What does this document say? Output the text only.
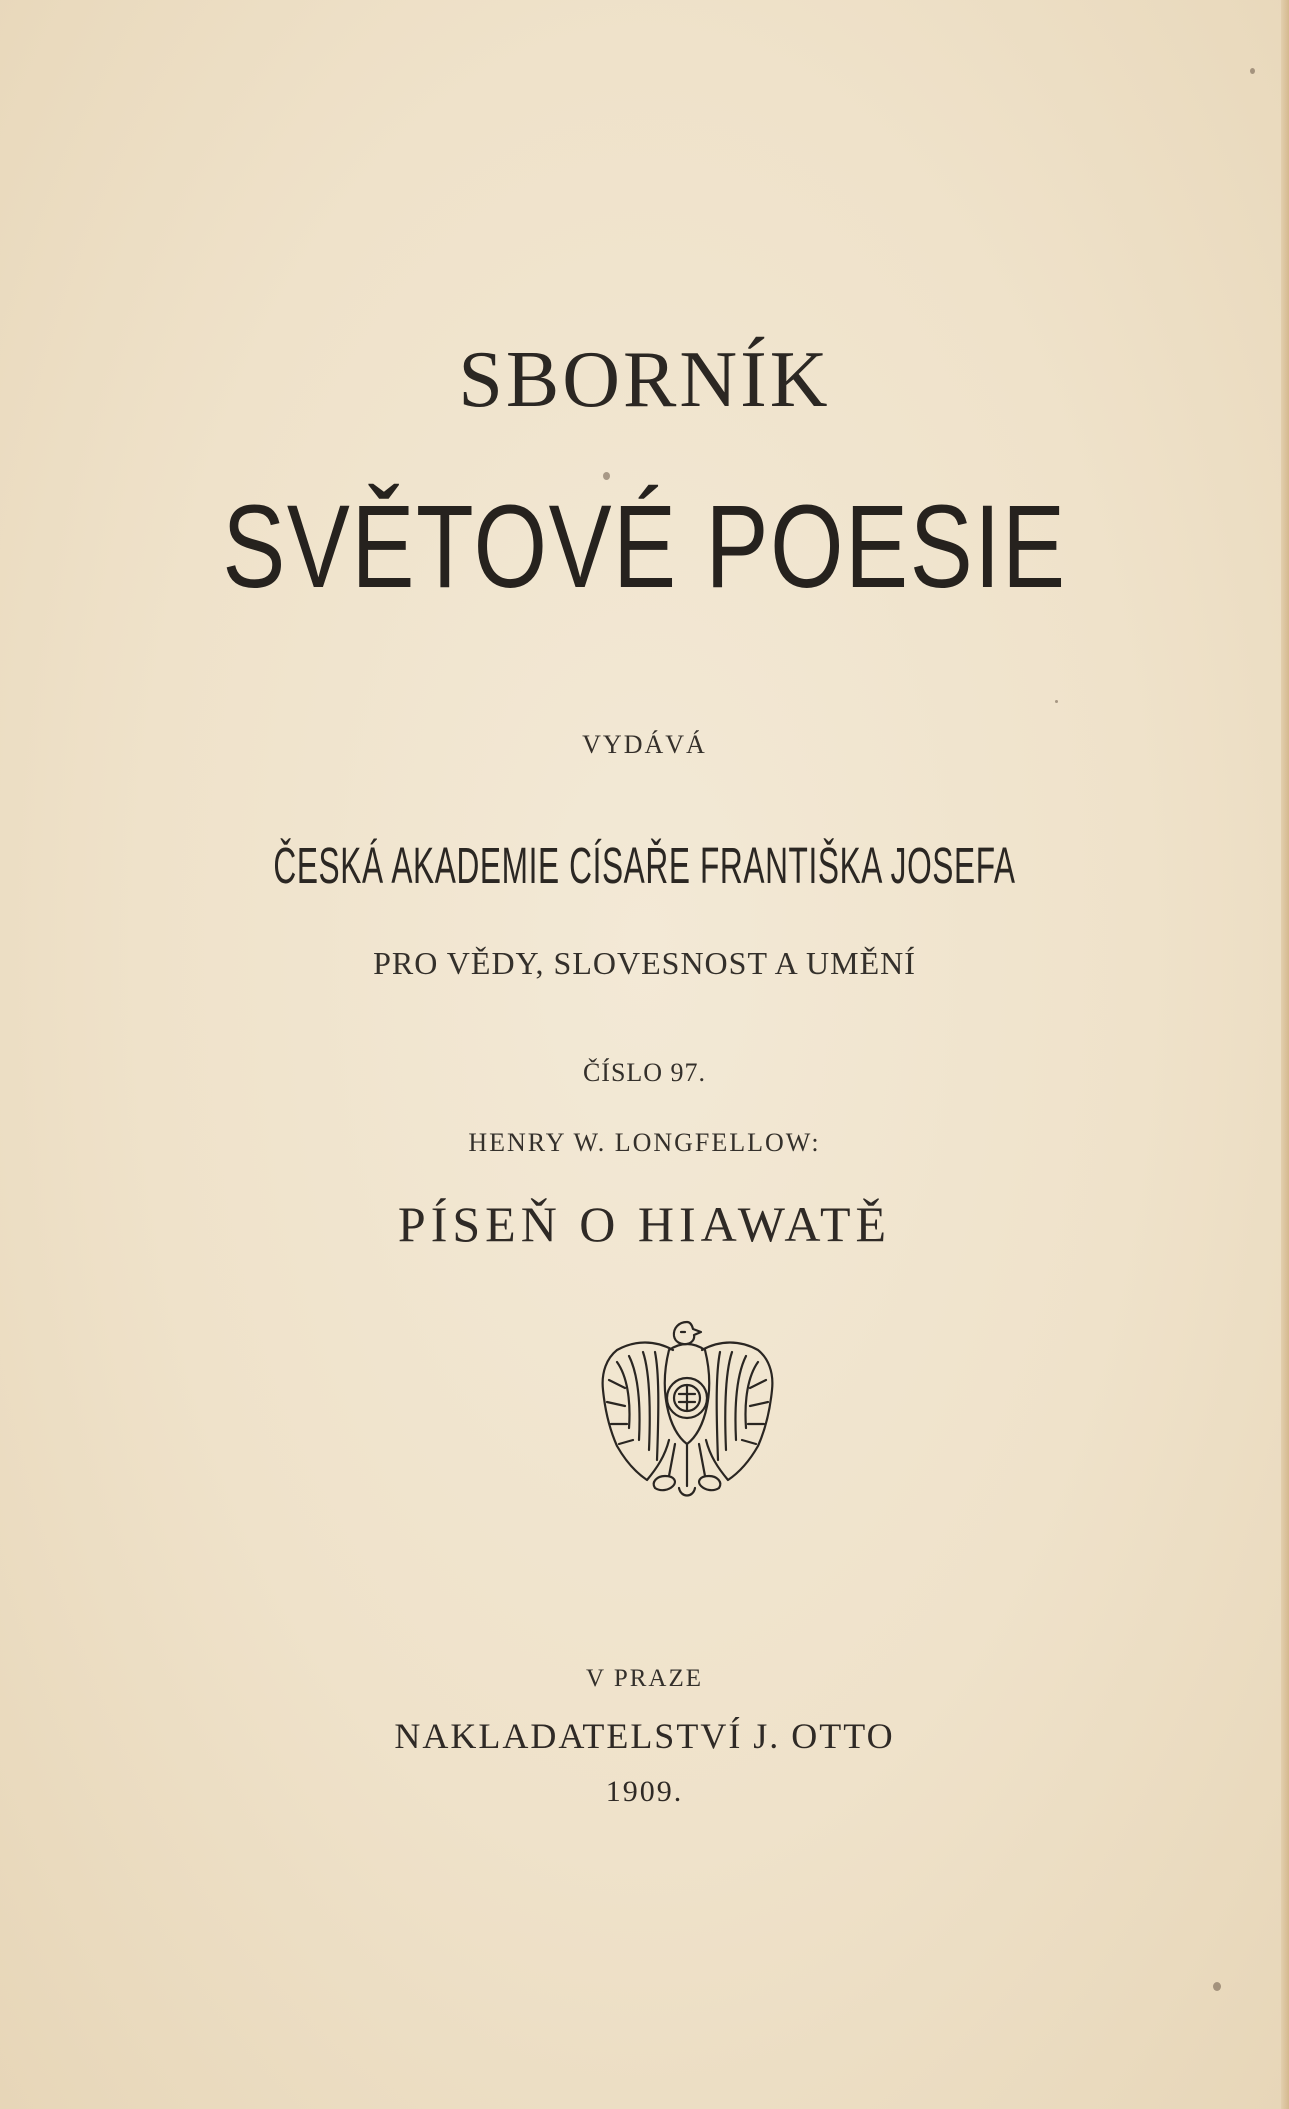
SBORNÍK
SVĚTOVÉ POESIE
VYDÁVÁ
ČESKÁ AKADEMIE CÍSAŘE FRANTIŠKA JOSEFA
PRO VĚDY, SLOVESNOST A UMĚNÍ
ČÍSLO 97.
HENRY W. LONGFELLOW:
PÍSEŇ O HIAWATĚ
V PRAZE
NAKLADATELSTVÍ J. OTTO
1909.
